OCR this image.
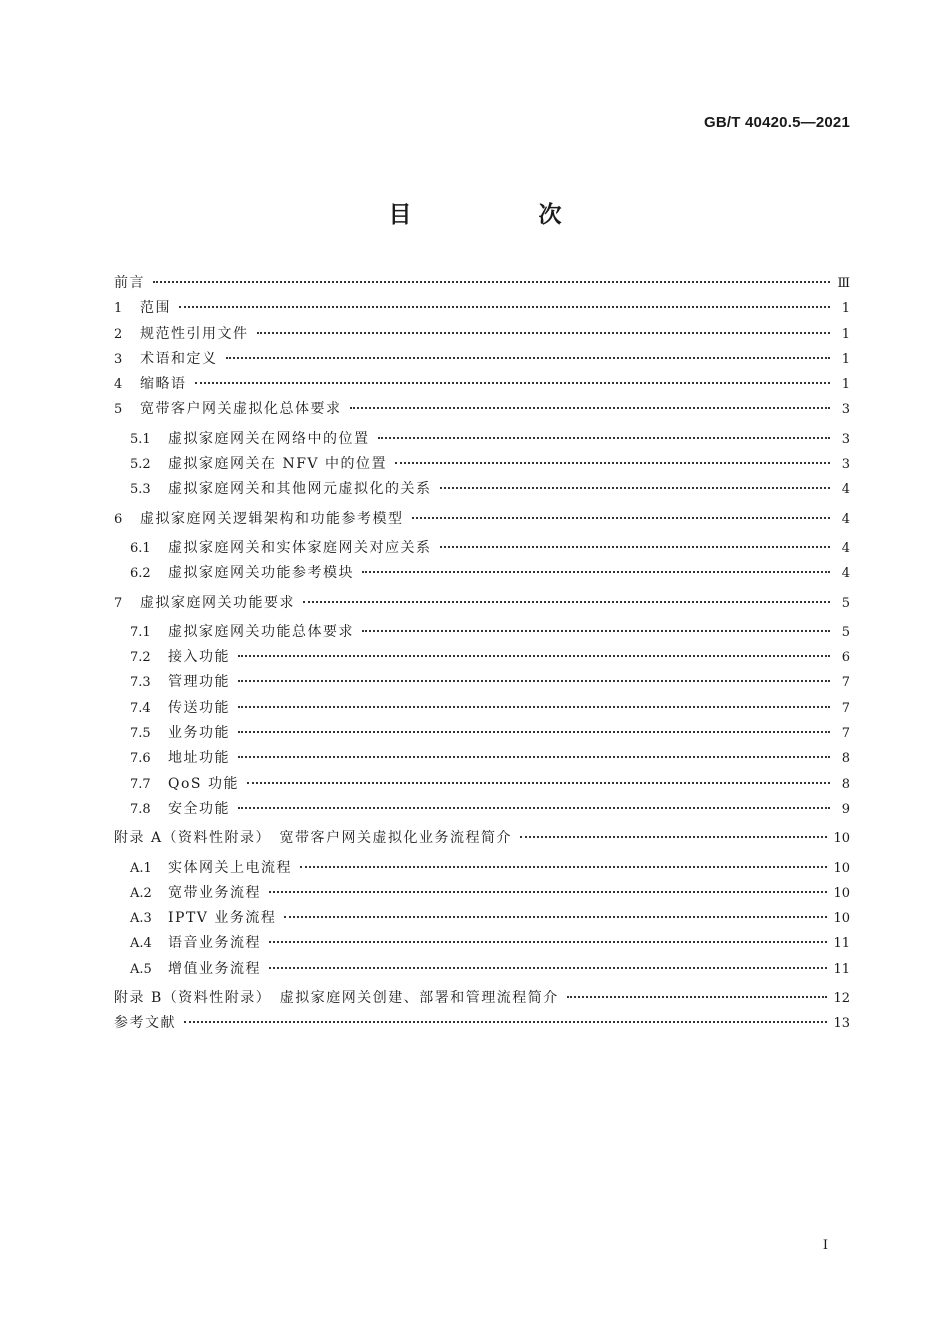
GB/T 40420.5—2021
目　次
前言	Ⅲ
1	范围	1
2	规范性引用文件	1
3	术语和定义	1
4	缩略语	1
5	宽带客户网关虚拟化总体要求	3
5.1	虚拟家庭网关在网络中的位置	3
5.2	虚拟家庭网关在 NFV 中的位置	3
5.3	虚拟家庭网关和其他网元虚拟化的关系	4
6	虚拟家庭网关逻辑架构和功能参考模型	4
6.1	虚拟家庭网关和实体家庭网关对应关系	4
6.2	虚拟家庭网关功能参考模块	4
7	虚拟家庭网关功能要求	5
7.1	虚拟家庭网关功能总体要求	5
7.2	接入功能	6
7.3	管理功能	7
7.4	传送功能	7
7.5	业务功能	7
7.6	地址功能	8
7.7	QoS 功能	8
7.8	安全功能	9
附录 A（资料性附录）　宽带客户网关虚拟化业务流程简介	10
A.1	实体网关上电流程	10
A.2	宽带业务流程	10
A.3	IPTV 业务流程	10
A.4	语音业务流程	11
A.5	增值业务流程	11
附录 B（资料性附录）　虚拟家庭网关创建、部署和管理流程简介	12
参考文献	13
I
